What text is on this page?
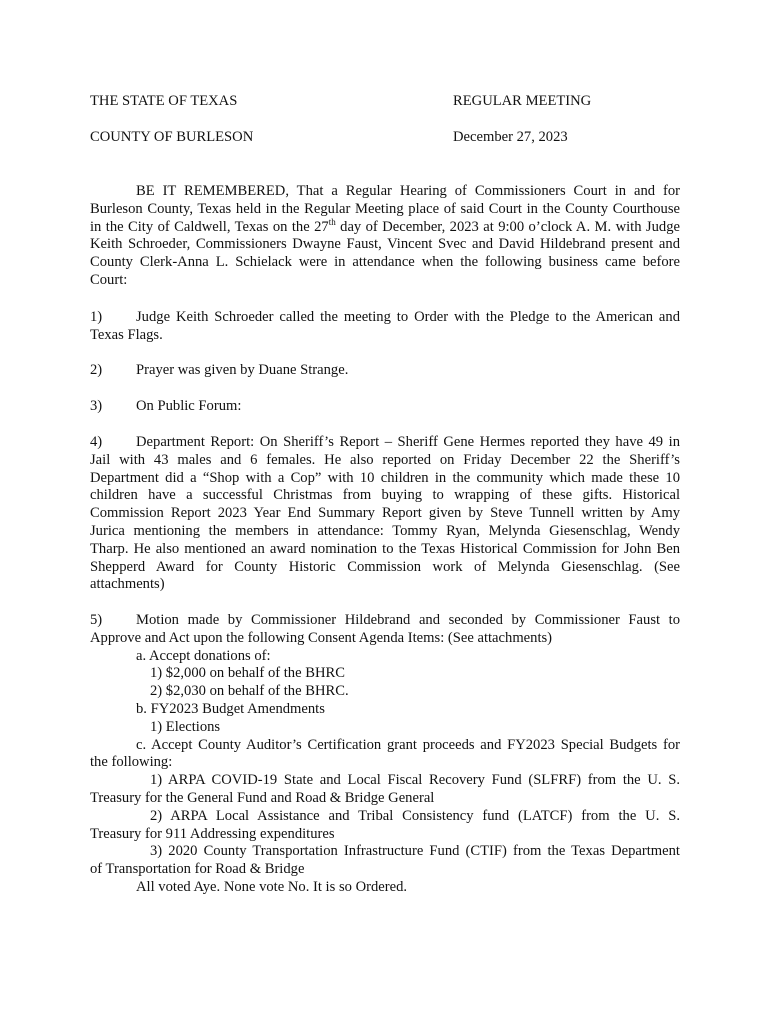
THE STATE OF TEXAS	REGULAR MEETING
COUNTY OF BURLESON	December 27, 2023
BE IT REMEMBERED, That a Regular Hearing of Commissioners Court in and for
Burleson County, Texas held in the Regular Meeting place of said Court in the County Courthouse
in the City of Caldwell, Texas on the 27th day of December, 2023 at 9:00 o’clock A. M. with Judge
Keith Schroeder, Commissioners Dwayne Faust, Vincent Svec and David Hildebrand present and
County Clerk-Anna L. Schielack were in attendance when the following business came before
Court:
1) Judge Keith Schroeder called the meeting to Order with the Pledge to the American and
Texas Flags.
2) Prayer was given by Duane Strange.
3) On Public Forum:
4) Department Report: On Sheriff’s Report – Sheriff Gene Hermes reported they have 49 in
Jail with 43 males and 6 females. He also reported on Friday December 22 the Sheriff’s
Department did a “Shop with a Cop” with 10 children in the community which made these 10
children have a successful Christmas from buying to wrapping of these gifts. Historical
Commission Report 2023 Year End Summary Report given by Steve Tunnell written by Amy
Jurica mentioning the members in attendance: Tommy Ryan, Melynda Giesenschlag, Wendy
Tharp. He also mentioned an award nomination to the Texas Historical Commission for John Ben
Shepperd Award for County Historic Commission work of Melynda Giesenschlag. (See
attachments)
5) Motion made by Commissioner Hildebrand and seconded by Commissioner Faust to
Approve and Act upon the following Consent Agenda Items: (See attachments)
a. Accept donations of:
1) $2,000 on behalf of the BHRC
2) $2,030 on behalf of the BHRC.
b. FY2023 Budget Amendments
1) Elections
c. Accept County Auditor’s Certification grant proceeds and FY2023 Special Budgets for
the following:
1) ARPA COVID-19 State and Local Fiscal Recovery Fund (SLFRF) from the U. S.
Treasury for the General Fund and Road & Bridge General
2) ARPA Local Assistance and Tribal Consistency fund (LATCF) from the U. S.
Treasury for 911 Addressing expenditures
3) 2020 County Transportation Infrastructure Fund (CTIF) from the Texas Department
of Transportation for Road & Bridge
All voted Aye. None vote No. It is so Ordered.
